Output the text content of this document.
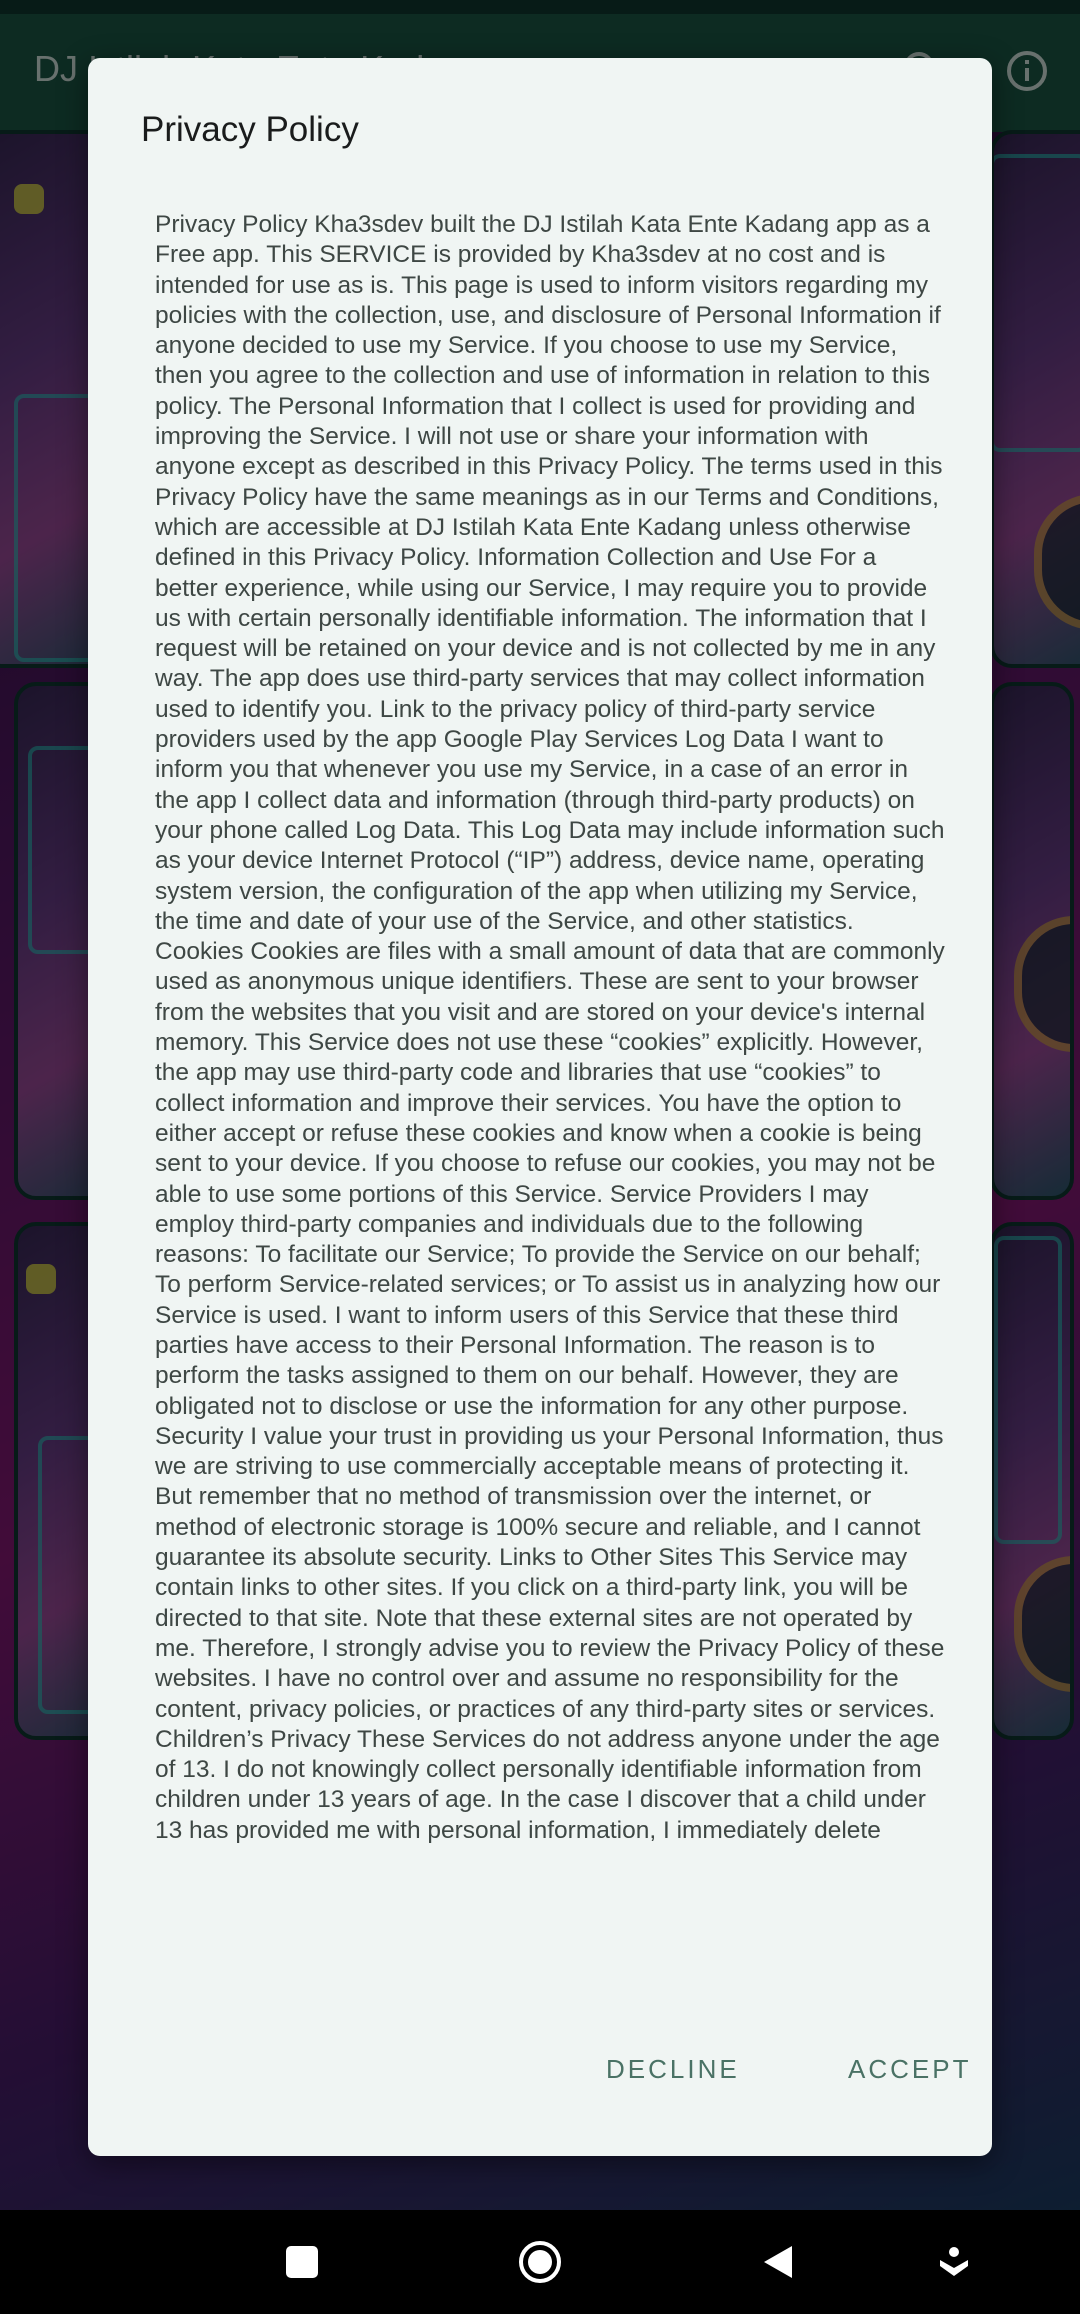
Privacy Policy
Privacy Policy Kha3sdev built the DJ Istilah Kata Ente Kadang app as a Free app. This SERVICE is provided by Kha3sdev at no cost and is intended for use as is. This page is used to inform visitors regarding my policies with the collection, use, and disclosure of Personal Information if anyone decided to use my Service. If you choose to use my Service, then you agree to the collection and use of information in relation to this policy. The Personal Information that I collect is used for providing and improving the Service. I will not use or share your information with anyone except as described in this Privacy Policy. The terms used in this Privacy Policy have the same meanings as in our Terms and Conditions, which are accessible at DJ Istilah Kata Ente Kadang unless otherwise defined in this Privacy Policy. Information Collection and Use For a better experience, while using our Service, I may require you to provide us with certain personally identifiable information. The information that I request will be retained on your device and is not collected by me in any way. The app does use third-party services that may collect information used to identify you. Link to the privacy policy of third-party service providers used by the app Google Play Services Log Data I want to inform you that whenever you use my Service, in a case of an error in the app I collect data and information (through third-party products) on your phone called Log Data. This Log Data may include information such as your device Internet Protocol (“IP”) address, device name, operating system version, the configuration of the app when utilizing my Service, the time and date of your use of the Service, and other statistics. Cookies Cookies are files with a small amount of data that are commonly used as anonymous unique identifiers. These are sent to your browser from the websites that you visit and are stored on your device's internal memory. This Service does not use these “cookies” explicitly. However, the app may use third-party code and libraries that use “cookies” to collect information and improve their services. You have the option to either accept or refuse these cookies and know when a cookie is being sent to your device. If you choose to refuse our cookies, you may not be able to use some portions of this Service. Service Providers I may employ third-party companies and individuals due to the following reasons: To facilitate our Service; To provide the Service on our behalf; To perform Service-related services; or To assist us in analyzing how our Service is used. I want to inform users of this Service that these third parties have access to their Personal Information. The reason is to perform the tasks assigned to them on our behalf. However, they are obligated not to disclose or use the information for any other purpose. Security I value your trust in providing us your Personal Information, thus we are striving to use commercially acceptable means of protecting it. But remember that no method of transmission over the internet, or method of electronic storage is 100% secure and reliable, and I cannot guarantee its absolute security. Links to Other Sites This Service may contain links to other sites. If you click on a third-party link, you will be directed to that site. Note that these external sites are not operated by me. Therefore, I strongly advise you to review the Privacy Policy of these websites. I have no control over and assume no responsibility for the content, privacy policies, or practices of any third-party sites or services. Children’s Privacy These Services do not address anyone under the age of 13. I do not knowingly collect personally identifiable information from children under 13 years of age. In the case I discover that a child under 13 has provided me with personal information, I immediately delete
DECLINE	ACCEPT
